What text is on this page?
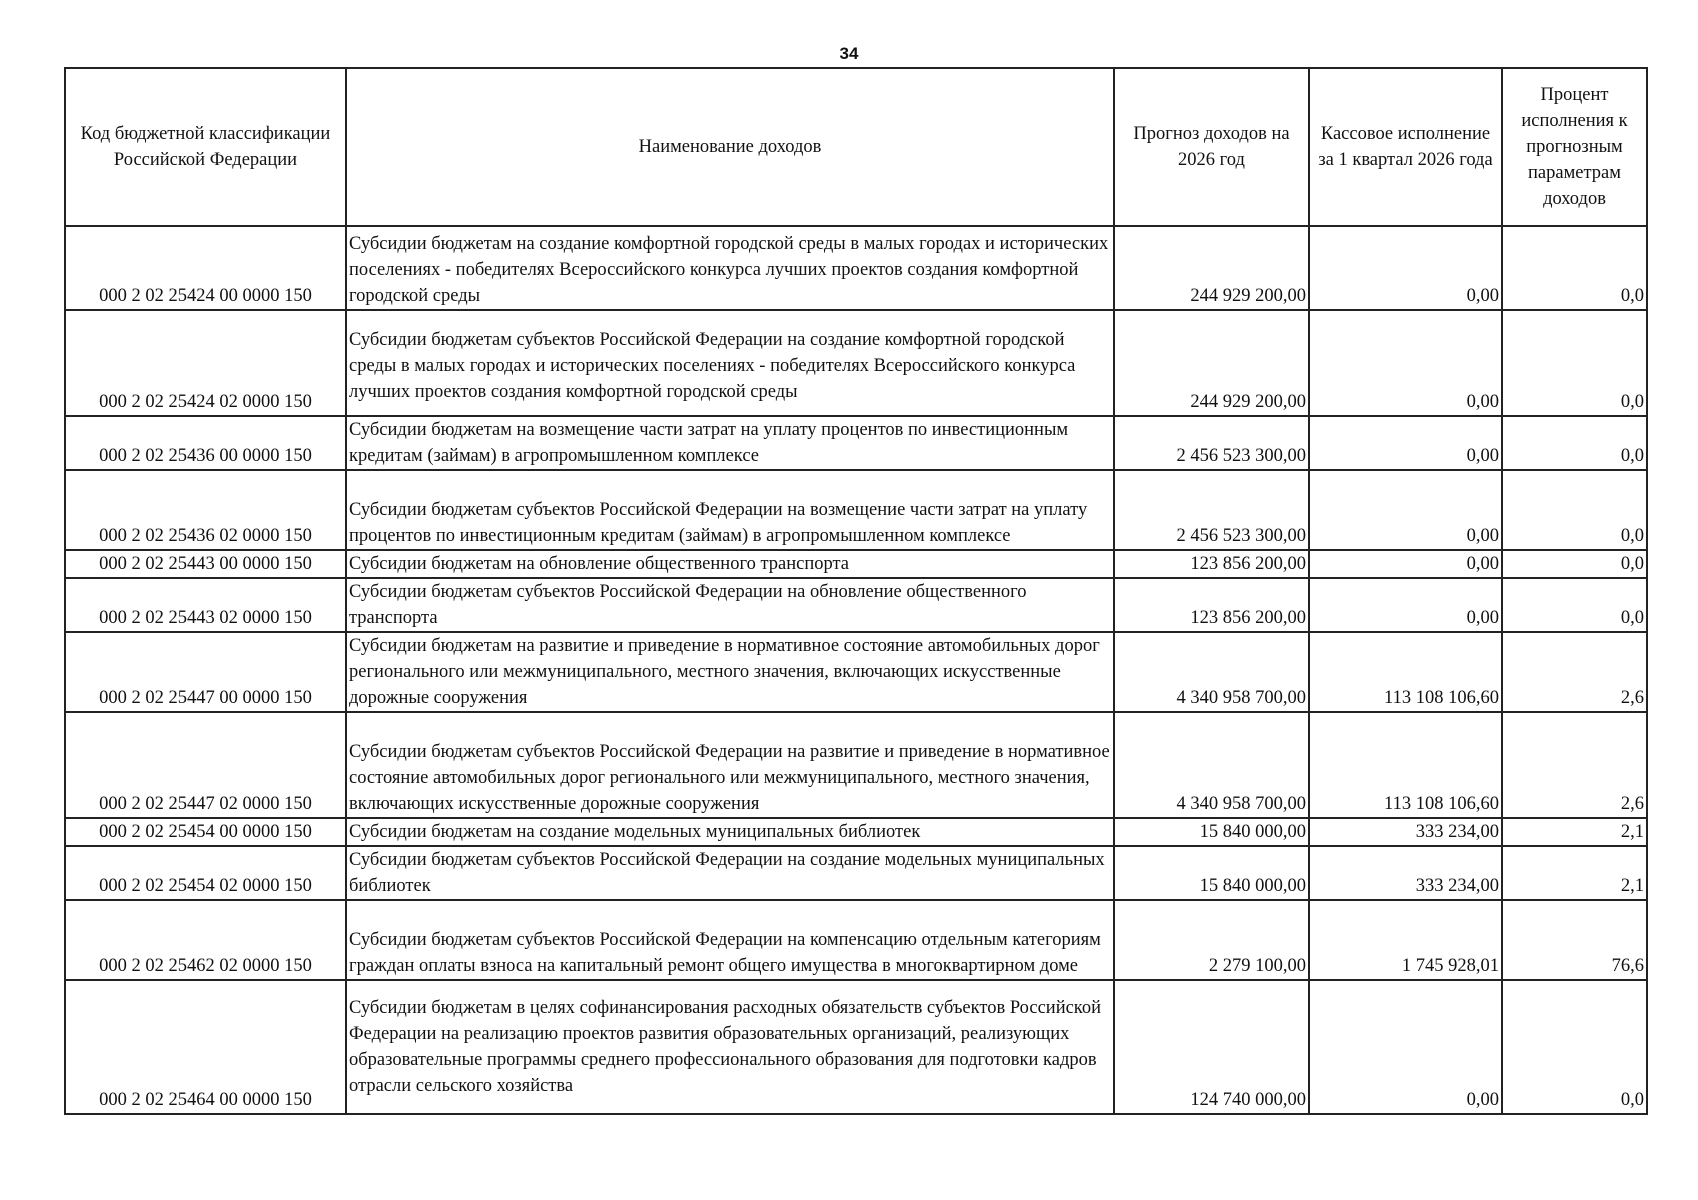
34
Код бюджетной классификации Российской Федерации	Наименование доходов	Прогноз доходов на 2026 год	Кассовое исполнение за 1 квартал 2026 года	Процент исполнения к прогнозным параметрам доходов
000 2 02 25424 00 0000 150	Субсидии бюджетам на создание комфортной городской среды в малых городах и исторических поселениях - победителях Всероссийского конкурса лучших проектов создания комфортной городской среды	244 929 200,00	0,00	0,0
000 2 02 25424 02 0000 150	Субсидии бюджетам субъектов Российской Федерации на создание комфортной городской среды в малых городах и исторических поселениях - победителях Всероссийского конкурса лучших проектов создания комфортной городской среды	244 929 200,00	0,00	0,0
000 2 02 25436 00 0000 150	Субсидии бюджетам на возмещение части затрат на уплату процентов по инвестиционным кредитам (займам) в агропромышленном комплексе	2 456 523 300,00	0,00	0,0
000 2 02 25436 02 0000 150	Субсидии бюджетам субъектов Российской Федерации на возмещение части затрат на уплату процентов по инвестиционным кредитам (займам) в агропромышленном комплексе	2 456 523 300,00	0,00	0,0
000 2 02 25443 00 0000 150	Субсидии бюджетам на обновление общественного транспорта	123 856 200,00	0,00	0,0
000 2 02 25443 02 0000 150	Субсидии бюджетам субъектов Российской Федерации на обновление общественного транспорта	123 856 200,00	0,00	0,0
000 2 02 25447 00 0000 150	Субсидии бюджетам на развитие и приведение в нормативное состояние автомобильных дорог регионального или межмуниципального, местного значения, включающих искусственные дорожные сооружения	4 340 958 700,00	113 108 106,60	2,6
000 2 02 25447 02 0000 150	Субсидии бюджетам субъектов Российской Федерации на развитие и приведение в нормативное состояние автомобильных дорог регионального или межмуниципального, местного значения, включающих искусственные дорожные сооружения	4 340 958 700,00	113 108 106,60	2,6
000 2 02 25454 00 0000 150	Субсидии бюджетам на создание модельных муниципальных библиотек	15 840 000,00	333 234,00	2,1
000 2 02 25454 02 0000 150	Субсидии бюджетам субъектов Российской Федерации на создание модельных муниципальных библиотек	15 840 000,00	333 234,00	2,1
000 2 02 25462 02 0000 150	Субсидии бюджетам субъектов Российской Федерации на компенсацию отдельным категориям граждан оплаты взноса на капитальный ремонт общего имущества в многоквартирном доме	2 279 100,00	1 745 928,01	76,6
000 2 02 25464 00 0000 150	Субсидии бюджетам в целях софинансирования расходных обязательств субъектов Российской Федерации на реализацию проектов развития образовательных организаций, реализующих образовательные программы среднего профессионального образования для подготовки кадров отрасли сельского хозяйства	124 740 000,00	0,00	0,0
